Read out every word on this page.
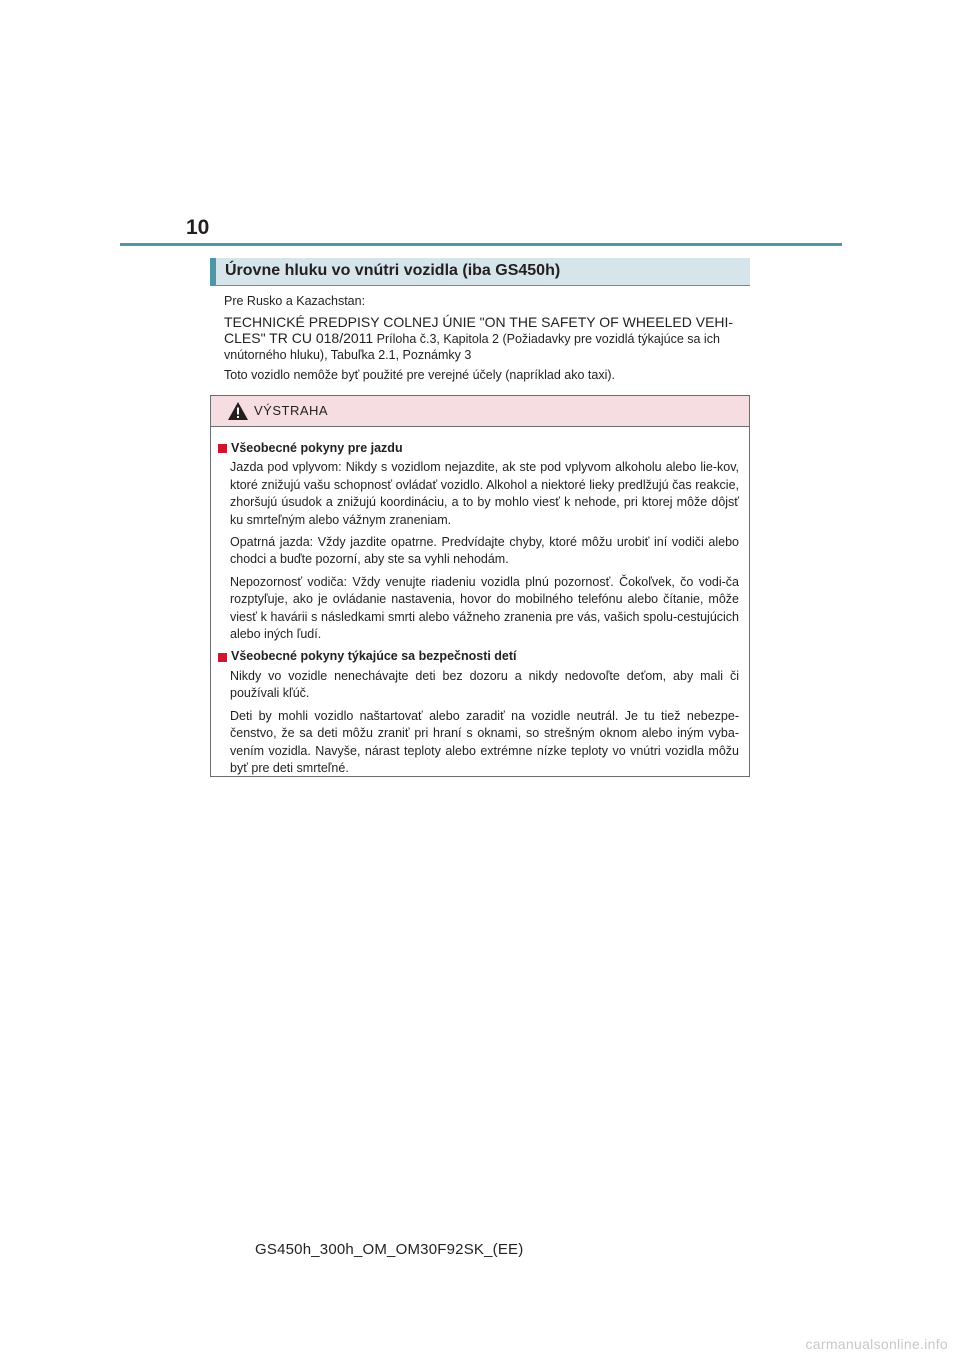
10
Úrovne hluku vo vnútri vozidla (iba GS450h)

Pre Rusko a Kazachstan:

TECHNICKÉ PREDPISY COLNEJ ÚNIE "ON THE SAFETY OF WHEELED VEHI-CLES" TR CU 018/2011 Príloha č.3, Kapitola 2 (Požiadavky pre vozidlá týkajúce sa ich vnútorného hluku), Tabuľka 2.1, Poznámky 3

Toto vozidlo nemôže byť použité pre verejné účely (napríklad ako taxi).

VÝSTRAHA
Všeobecné pokyny pre jazdu

Jazda pod vplyvom: Nikdy s vozidlom nejazdite, ak ste pod vplyvom alkoholu alebo lie-kov, ktoré znižujú vašu schopnosť ovládať vozidlo. Alkohol a niektoré lieky predlžujú čas reakcie, zhoršujú úsudok a znižujú koordináciu, a to by mohlo viesť k nehode, pri ktorej môže dôjsť ku smrteľným alebo vážnym zraneniam.

Opatrná jazda: Vždy jazdite opatrne. Predvídajte chyby, ktoré môžu urobiť iní vodiči alebo chodci a buďte pozorní, aby ste sa vyhli nehodám.

Nepozornosť vodiča: Vždy venujte riadeniu vozidla plnú pozornosť. Čokoľvek, čo vodi-ča rozptyľuje, ako je ovládanie nastavenia, hovor do mobilného telefónu alebo čítanie, môže viesť k havárii s následkami smrti alebo vážneho zranenia pre vás, vašich spolu-cestujúcich alebo iných ľudí.

Všeobecné pokyny týkajúce sa bezpečnosti detí

Nikdy vo vozidle nenechávajte deti bez dozoru a nikdy nedovoľte deťom, aby mali či používali kľúč.

Deti by mohli vozidlo naštartovať alebo zaradiť na vozidle neutrál. Je tu tiež nebezpe-čenstvo, že sa deti môžu zraniť pri hraní s oknami, so strešným oknom alebo iným vyba-vením vozidla. Navyše, nárast teploty alebo extrémne nízke teploty vo vnútri vozidla môžu byť pre deti smrteľné.

GS450h_300h_OM_OM30F92SK_(EE)
carmanualsonline.info
